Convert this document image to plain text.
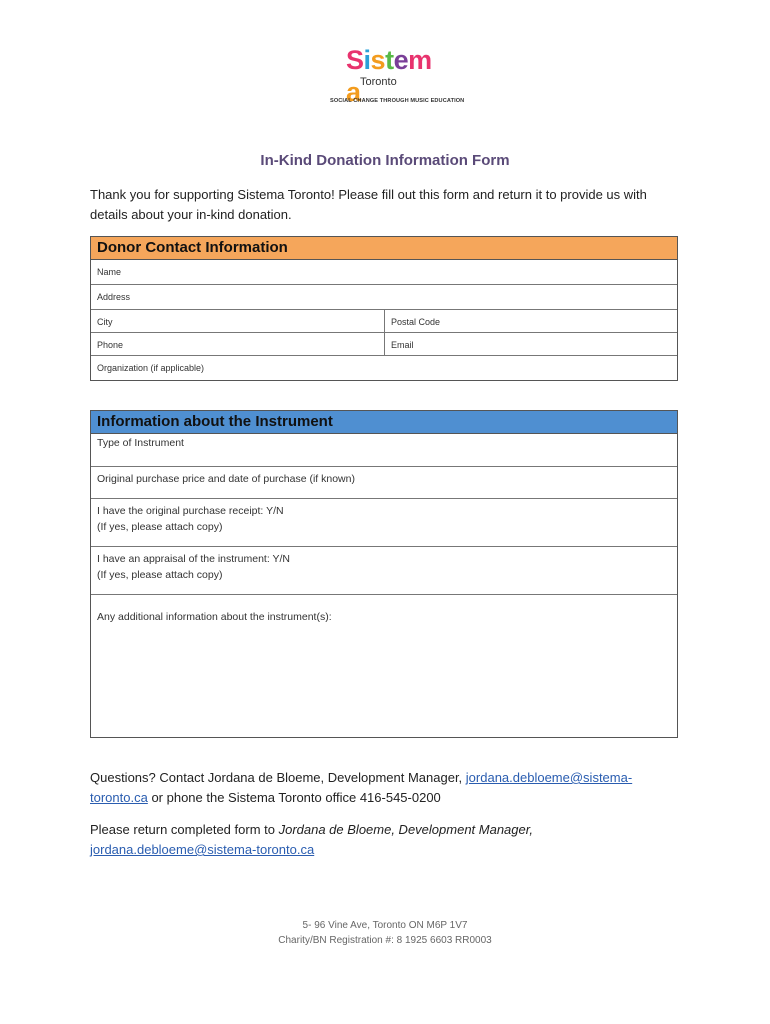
Sistema Toronto
SOCIAL CHANGE THROUGH MUSIC EDUCATION
In-Kind Donation Information Form
Thank you for supporting Sistema Toronto! Please fill out this form and return it to provide us with details about your in-kind donation.
Donor Contact Information
Name
Address
City	Postal Code
Phone	Email
Organization (if applicable)
Information about the Instrument
Type of Instrument
Original purchase price and date of purchase (if known)
I have the original purchase receipt: Y/N
(If yes, please attach copy)
I have an appraisal of the instrument: Y/N
(If yes, please attach copy)
Any additional information about the instrument(s):
Questions? Contact Jordana de Bloeme, Development Manager, jordana.debloeme@sistema-
toronto.ca or phone the Sistema Toronto office 416-545-0200
Please return completed form to Jordana de Bloeme, Development Manager,
jordana.debloeme@sistema-toronto.ca
5- 96 Vine Ave, Toronto ON M6P 1V7
Charity/BN Registration #: 8 1925 6603 RR0003
